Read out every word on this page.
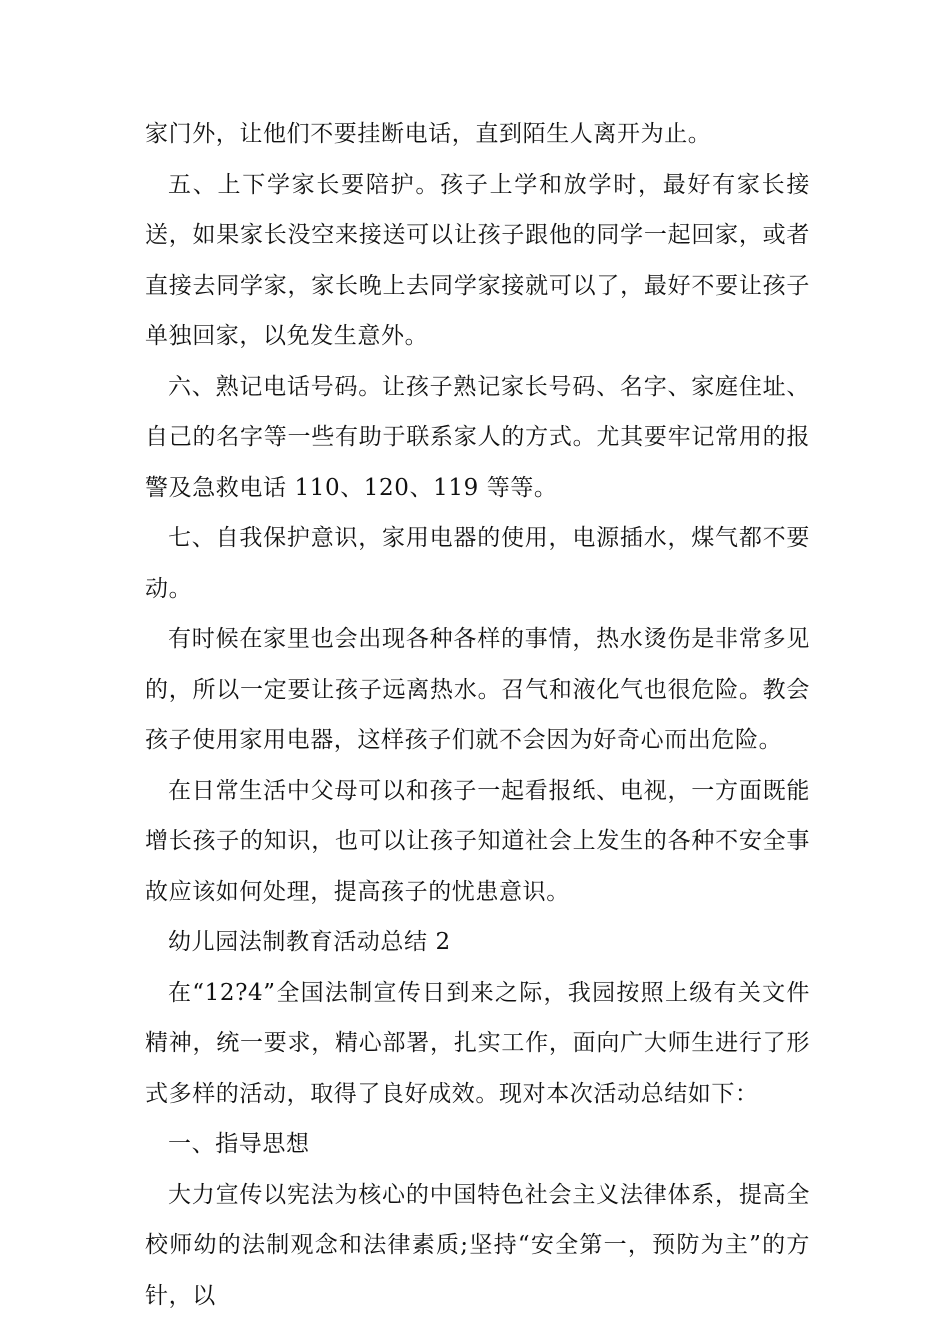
家门外，让他们不要挂断电话，直到陌生人离开为止。

五、上下学家长要陪护。孩子上学和放学时，最好有家长接送，如果家长没空来接送可以让孩子跟他的同学一起回家，或者直接去同学家，家长晚上去同学家接就可以了，最好不要让孩子单独回家，以免发生意外。

六、熟记电话号码。让孩子熟记家长号码、名字、家庭住址、自己的名字等一些有助于联系家人的方式。尤其要牢记常用的报警及急救电话 110、120、119 等等。

七、自我保护意识，家用电器的使用，电源插水，煤气都不要动。

有时候在家里也会出现各种各样的事情，热水烫伤是非常多见的，所以一定要让孩子远离热水。召气和液化气也很危险。教会孩子使用家用电器，这样孩子们就不会因为好奇心而出危险。

在日常生活中父母可以和孩子一起看报纸、电视，一方面既能增长孩子的知识，也可以让孩子知道社会上发生的各种不安全事故应该如何处理，提高孩子的忧患意识。

幼儿园法制教育活动总结 2

在“12?4”全国法制宣传日到来之际，我园按照上级有关文件精神，统一要求，精心部署，扎实工作，面向广大师生进行了形式多样的活动，取得了良好成效。现对本次活动总结如下：

一、指导思想

大力宣传以宪法为核心的中国特色社会主义法律体系，提高全校师幼的法制观念和法律素质;坚持“安全第一，预防为主”的方针，以
